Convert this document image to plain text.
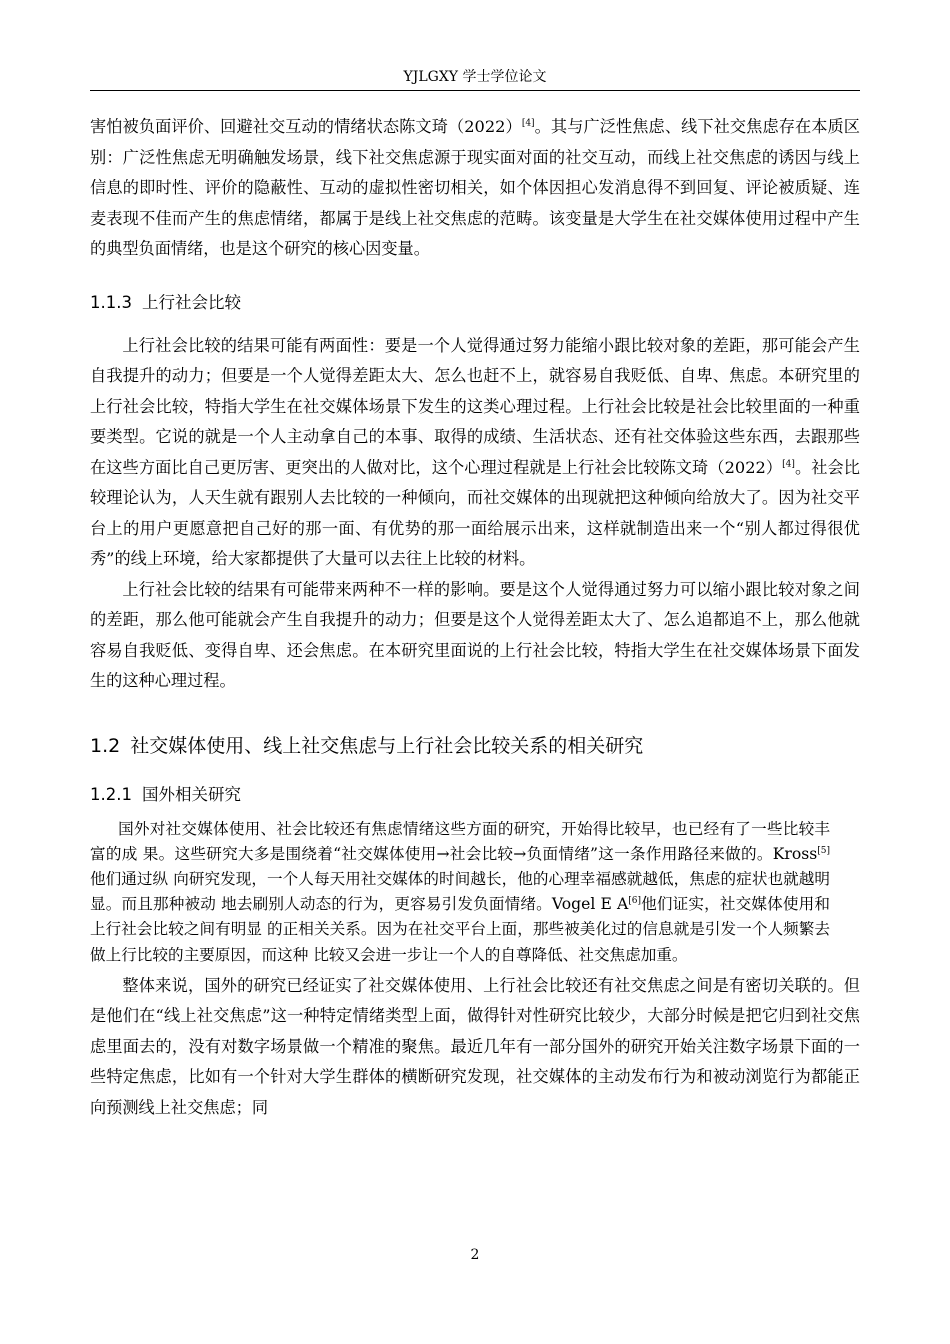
YJLGXY 学士学位论文

害怕被负面评价、回避社交互动的情绪状态陈文琦（2022）[4]。其与广泛性焦虑、线下社交焦虑存在本质区别：广泛性焦虑无明确触发场景，线下社交焦虑源于现实面对面的社交互动，而线上社交焦虑的诱因与线上信息的即时性、评价的隐蔽性、互动的虚拟性密切相关，如个体因担心发消息得不到回复、评论被质疑、连麦表现不佳而产生的焦虑情绪，都属于是线上社交焦虑的范畴。该变量是大学生在社交媒体使用过程中产生的典型负面情绪，也是这个研究的核心因变量。

1.1.3 上行社会比较

上行社会比较的结果可能有两面性：要是一个人觉得通过努力能缩小跟比较对象的差距，那可能会产生自我提升的动力；但要是一个人觉得差距太大、怎么也赶不上，就容易自我贬低、自卑、焦虑。本研究里的上行社会比较，特指大学生在社交媒体场景下发生的这类心理过程。上行社会比较是社会比较里面的一种重要类型。它说的就是一个人主动拿自己的本事、取得的成绩、生活状态、还有社交体验这些东西，去跟那些在这些方面比自己更厉害、更突出的人做对比，这个心理过程就是上行社会比较陈文琦（2022）[4]。社会比较理论认为，人天生就有跟别人去比较的一种倾向，而社交媒体的出现就把这种倾向给放大了。因为社交平台上的用户更愿意把自己好的那一面、有优势的那一面给展示出来，这样就制造出来一个“别人都过得很优秀”的线上环境，给大家都提供了大量可以去往上比较的材料。

上行社会比较的结果有可能带来两种不一样的影响。要是这个人觉得通过努力可以缩小跟比较对象之间的差距，那么他可能就会产生自我提升的动力；但要是这个人觉得差距太大了、怎么追都追不上，那么他就容易自我贬低、变得自卑、还会焦虑。在本研究里面说的上行社会比较，特指大学生在社交媒体场景下面发生的这种心理过程。

1.2 社交媒体使用、线上社交焦虑与上行社会比较关系的相关研究
1.2.1 国外相关研究

国外对社交媒体使用、社会比较还有焦虑情绪这些方面的研究，开始得比较早，也已经有了一些比较丰富的成 果。这些研究大多是围绕着“社交媒体使用→社会比较→负面情绪”这一条作用路径来做的。Kross[5]他们通过纵 向研究发现，一个人每天用社交媒体的时间越长，他的心理幸福感就越低，焦虑的症状也就越明显。而且那种被动 地去刷别人动态的行为，更容易引发负面情绪。Vogel E A[6]他们证实，社交媒体使用和上行社会比较之间有明显 的正相关关系。因为在社交平台上面，那些被美化过的信息就是引发一个人频繁去做上行比较的主要原因，而这种 比较又会进一步让一个人的自尊降低、社交焦虑加重。

整体来说，国外的研究已经证实了社交媒体使用、上行社会比较还有社交焦虑之间是有密切关联的。但是他们在“线上社交焦虑”这一种特定情绪类型上面，做得针对性研究比较少，大部分时候是把它归到社交焦虑里面去的，没有对数字场景做一个精准的聚焦。最近几年有一部分国外的研究开始关注数字场景下面的一些特定焦虑，比如有一个针对大学生群体的横断研究发现，社交媒体的主动发布行为和被动浏览行为都能正向预测线上社交焦虑；同

2
